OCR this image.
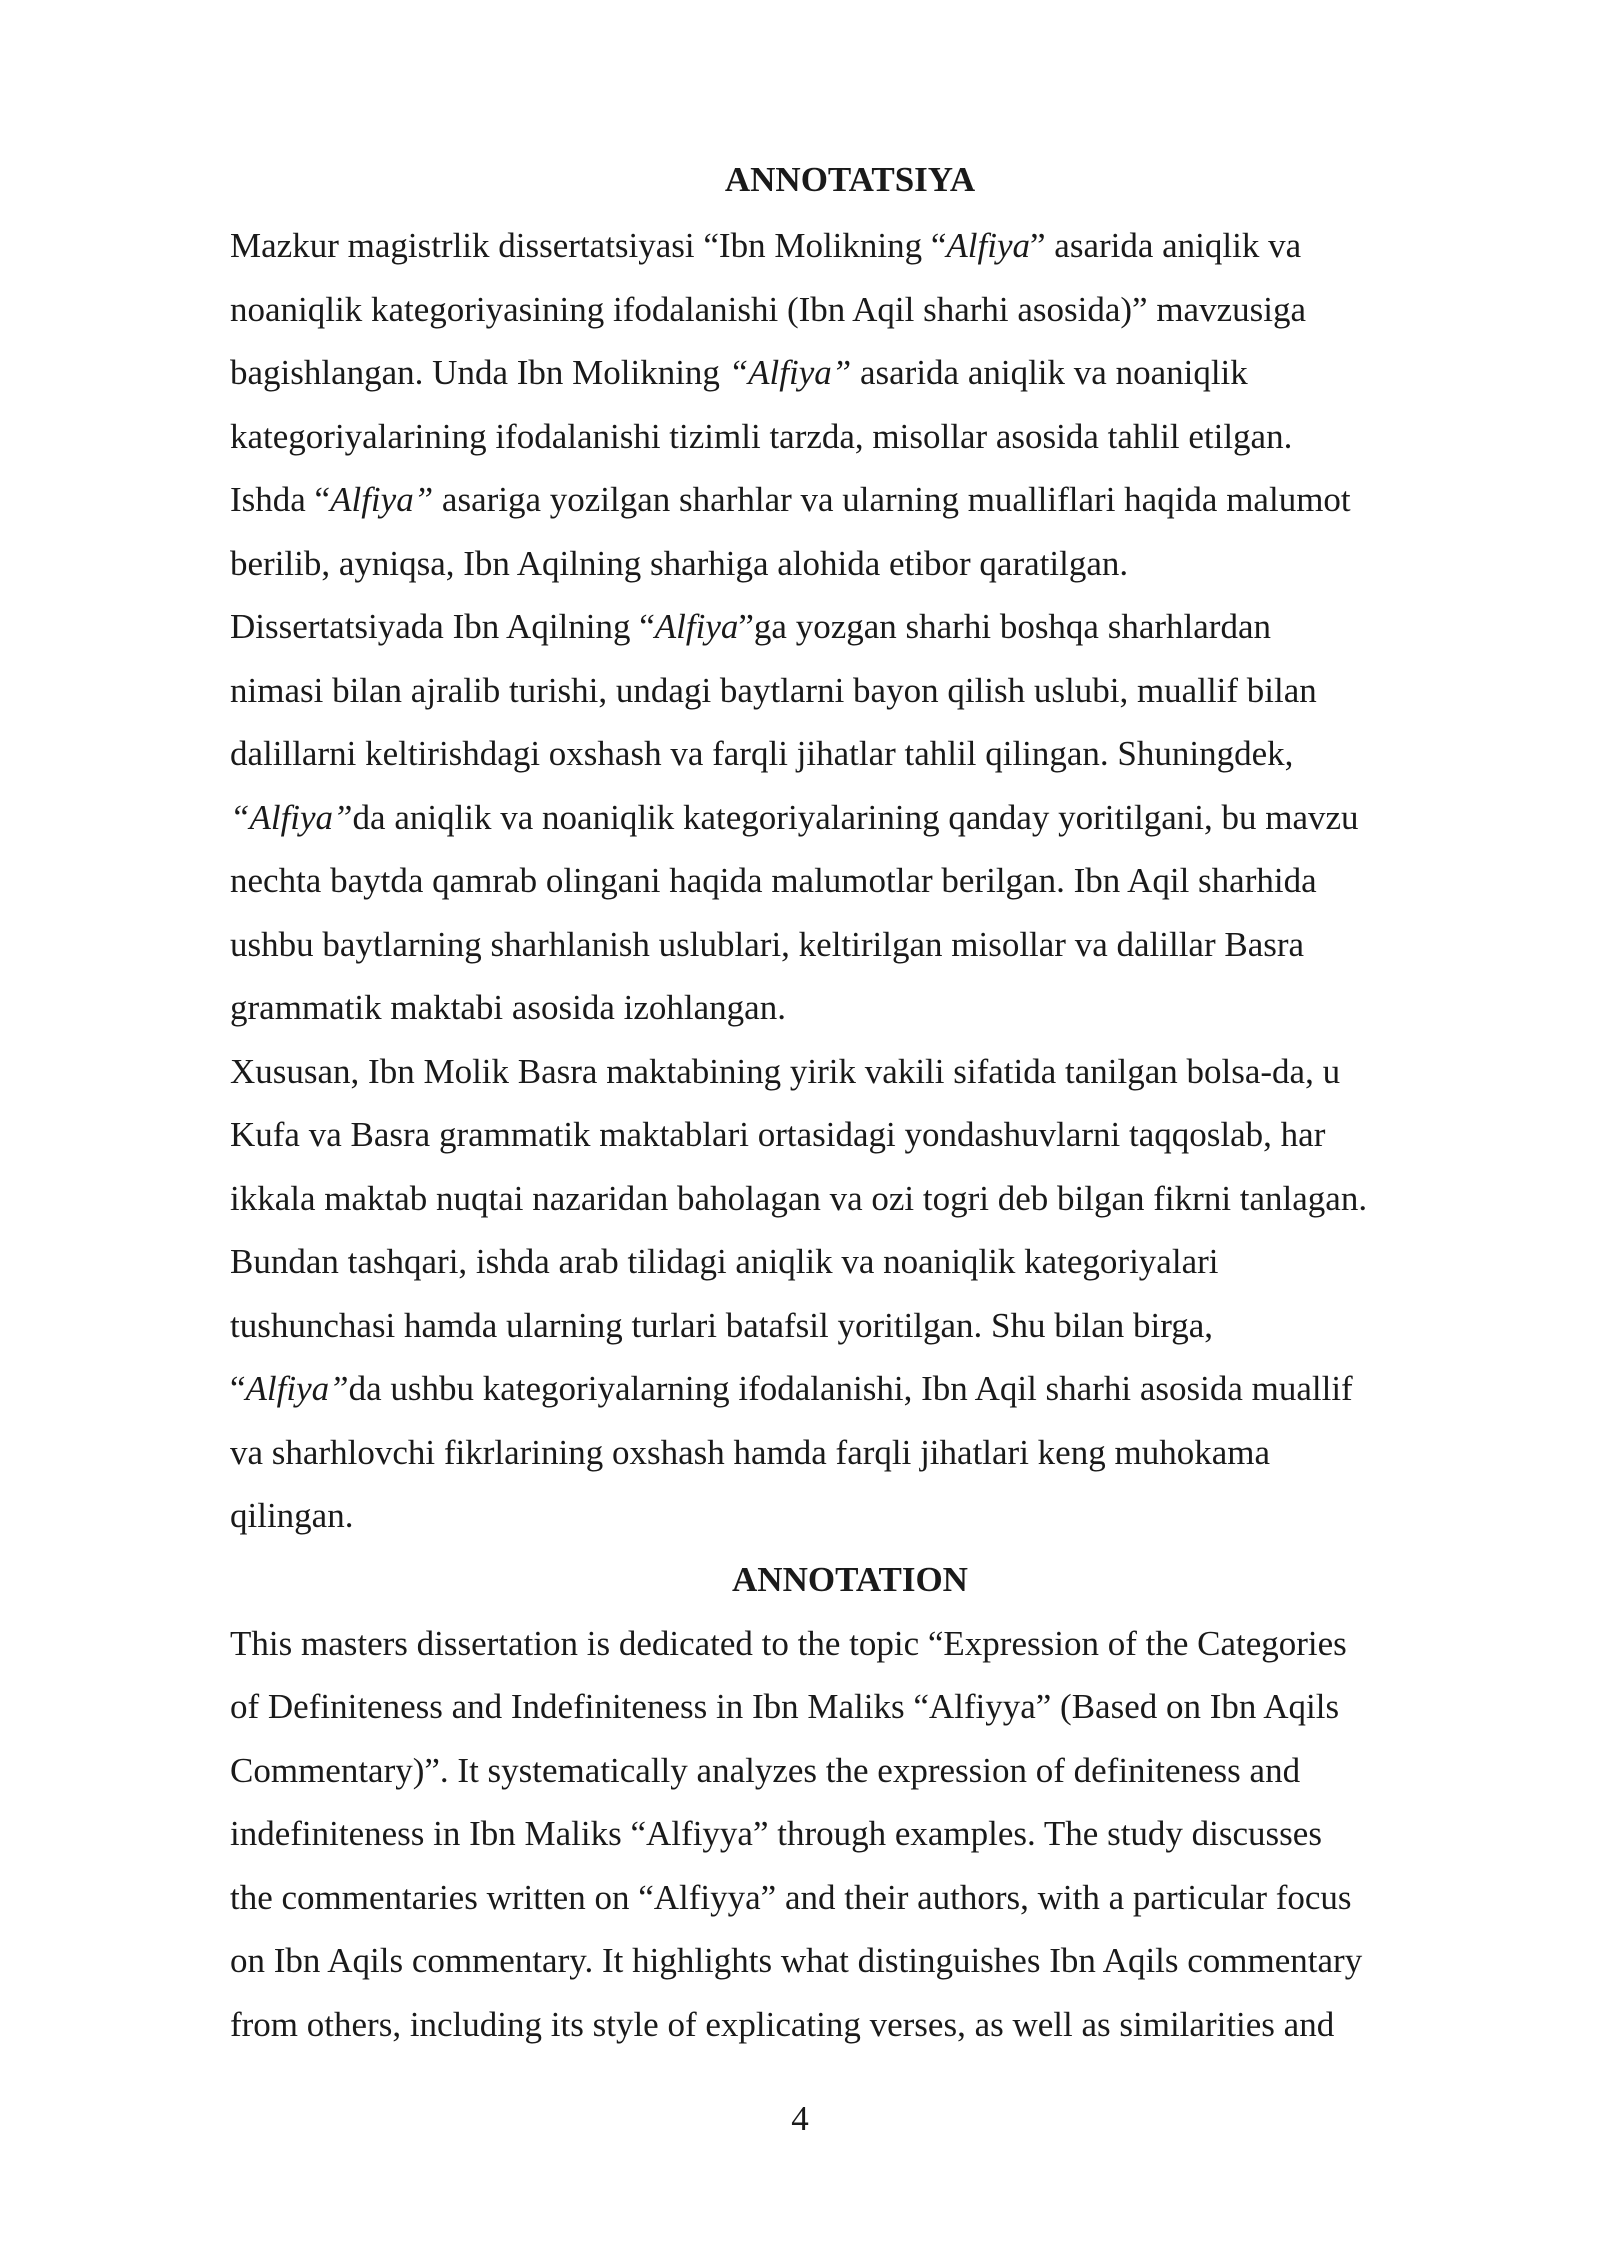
ANNOTATSIYA
Mazkur magistrlik dissertatsiyasi “Ibn Molikning “Alfiya” asarida aniqlik va
noaniqlik kategoriyasining ifodalanishi (Ibn Aqil sharhi asosida)” mavzusiga
bagishlangan. Unda Ibn Molikning “Alfiya” asarida aniqlik va noaniqlik
kategoriyalarining ifodalanishi tizimli tarzda, misollar asosida tahlil etilgan.
Ishda “Alfiya” asariga yozilgan sharhlar va ularning mualliflari haqida malumot
berilib, ayniqsa, Ibn Aqilning sharhiga alohida etibor qaratilgan.
Dissertatsiyada Ibn Aqilning “Alfiya”ga yozgan sharhi boshqa sharhlardan
nimasi bilan ajralib turishi, undagi baytlarni bayon qilish uslubi, muallif bilan
dalillarni keltirishdagi oxshash va farqli jihatlar tahlil qilingan. Shuningdek,
“Alfiya”da aniqlik va noaniqlik kategoriyalarining qanday yoritilgani, bu mavzu
nechta baytda qamrab olingani haqida malumotlar berilgan. Ibn Aqil sharhida
ushbu baytlarning sharhlanish uslublari, keltirilgan misollar va dalillar Basra
grammatik maktabi asosida izohlangan.
Xususan, Ibn Molik Basra maktabining yirik vakili sifatida tanilgan bolsa-da, u
Kufa va Basra grammatik maktablari ortasidagi yondashuvlarni taqqoslab, har
ikkala maktab nuqtai nazaridan baholagan va ozi togri deb bilgan fikrni tanlagan.
Bundan tashqari, ishda arab tilidagi aniqlik va noaniqlik kategoriyalari
tushunchasi hamda ularning turlari batafsil yoritilgan. Shu bilan birga,
“Alfiya”da ushbu kategoriyalarning ifodalanishi, Ibn Aqil sharhi asosida muallif
va sharhlovchi fikrlarining oxshash hamda farqli jihatlari keng muhokama
qilingan.
ANNOTATION
This masters dissertation is dedicated to the topic “Expression of the Categories
of Definiteness and Indefiniteness in Ibn Maliks “Alfiyya” (Based on Ibn Aqils
Commentary)”. It systematically analyzes the expression of definiteness and
indefiniteness in Ibn Maliks “Alfiyya” through examples. The study discusses
the commentaries written on “Alfiyya” and their authors, with a particular focus
on Ibn Aqils commentary. It highlights what distinguishes Ibn Aqils commentary
from others, including its style of explicating verses, as well as similarities and
4
